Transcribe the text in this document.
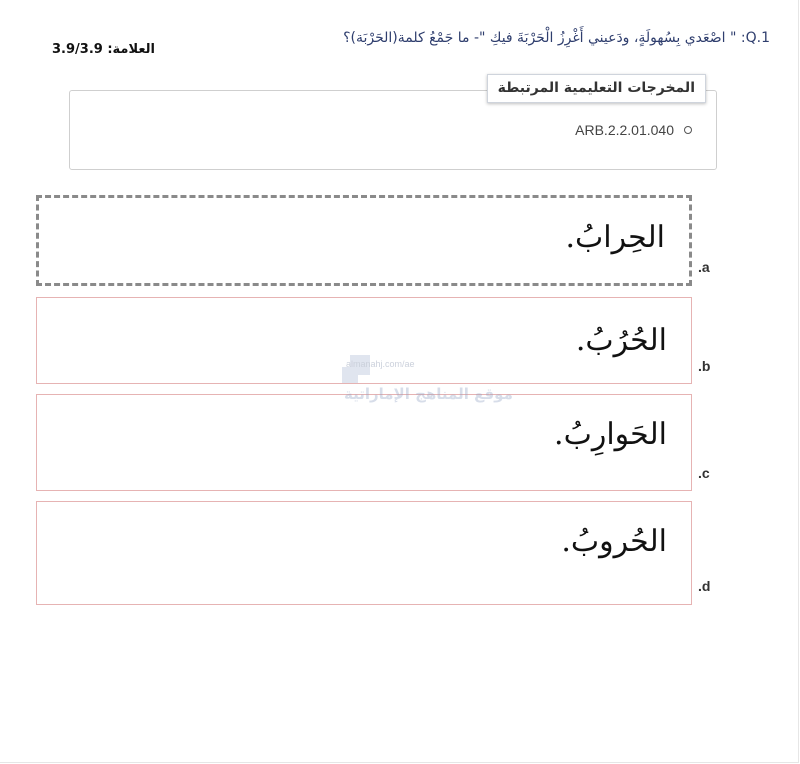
Q.1: " اصْعَدي بِسُهولَةٍ، ودَعيني أَغْرِزُ الْحَرْبَةَ فيكِ "- ما جَمْعُ كلمة(الحَرْبَة)؟
العلامة: 3.9/3.9
المخرجات التعليمية المرتبطة
ARB.2.2.01.040
الحِرابُ.
.a
الحُرُبُ.
.b
الحَوارِبُ.
.c
الحُروبُ.
.d
almanahj.com/ae
موقع المناهج الإماراتية
